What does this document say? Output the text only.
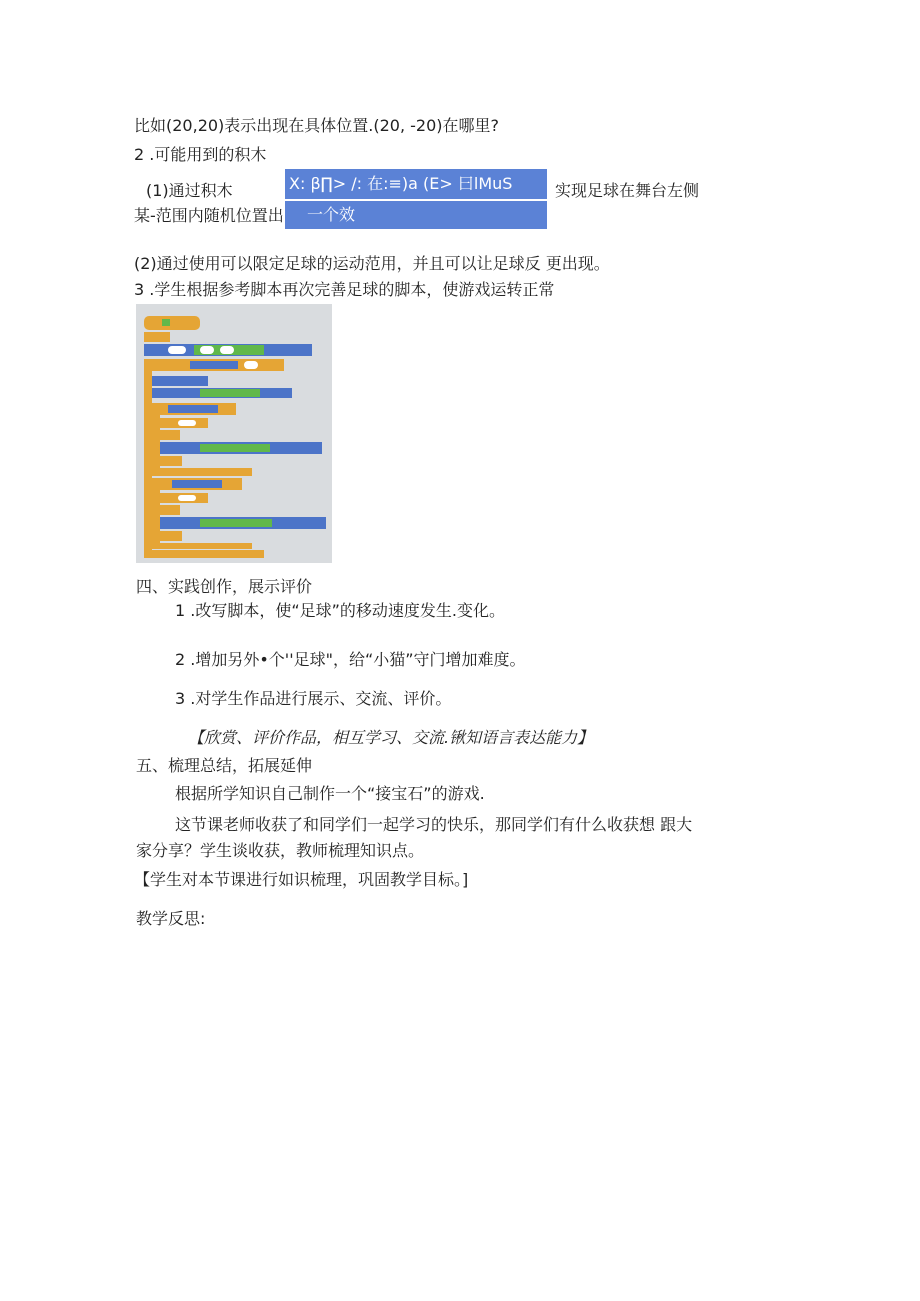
比如(20,20)表示出现在具体位置.(20, -20)在哪里?
2 .可能用到的积木
(1)通过积木	X: β∏> /: 在:≡)a (E> 曰lMuS
一个效
实现足球在舞台左侧
某-范围内随机位置出
(2)通过使用可以限定足球的运动范用，并且可以让足球反 更出现。
3 .学生根据参考脚本再次完善足球的脚本，使游戏运转正常
四、实践创作，展示评价
1 .改写脚本，使“足球”的移动速度发生.变化。
2 .增加另外•个''足球"，给“小猫”守门增加难度。
3 .对学生作品进行展示、交流、评价。
【欣赏、评价作品，相互学习、交流.锹知语言表达能力】
五、梳理总结，拓展延伸
根据所学知识自己制作一个“接宝石”的游戏.
这节课老师收获了和同学们一起学习的快乐，那同学们有什么收获想 跟大
家分享？学生谈收获，教师梳理知识点。
【学生对本节课进行如识梳理，巩固教学目标。]
教学反思:
